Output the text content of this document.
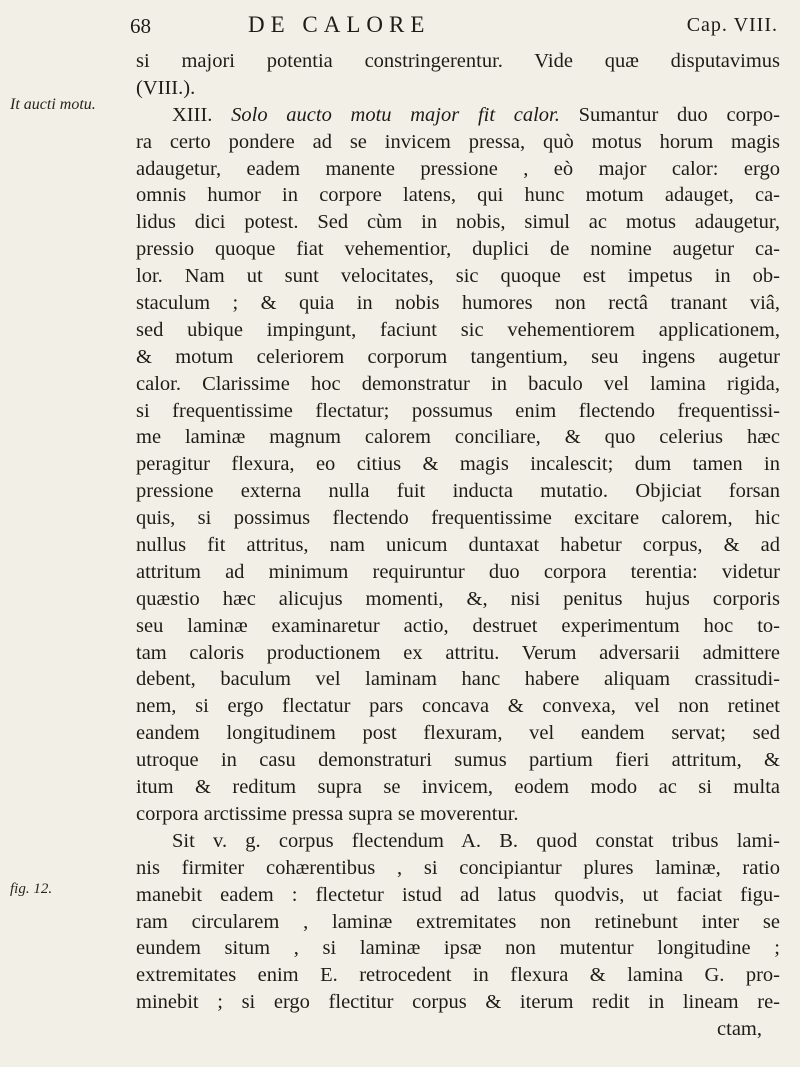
68	DE CALORE	Cap. VIII.
It aucti motu.
fig. 12.
si majori potentia constringerentur. Vide quæ disputavimus
(VIII.).
XIII. Solo aucto motu major fit calor. Sumantur duo corpo-
ra certo pondere ad se invicem pressa, quò motus horum magis
adaugetur, eadem manente pressione , eò major calor: ergo
omnis humor in corpore latens, qui hunc motum adauget, ca-
lidus dici potest. Sed cùm in nobis, simul ac motus adaugetur,
pressio quoque fiat vehementior, duplici de nomine augetur ca-
lor. Nam ut sunt velocitates, sic quoque est impetus in ob-
staculum ; & quia in nobis humores non rectâ tranant viâ,
sed ubique impingunt, faciunt sic vehementiorem applicationem,
& motum celeriorem corporum tangentium, seu ingens augetur
calor. Clarissime hoc demonstratur in baculo vel lamina rigida,
si frequentissime flectatur; possumus enim flectendo frequentissi-
me laminæ magnum calorem conciliare, & quo celerius hæc
peragitur flexura, eo citius & magis incalescit; dum tamen in
pressione externa nulla fuit inducta mutatio. Objiciat forsan
quis, si possimus flectendo frequentissime excitare calorem, hic
nullus fit attritus, nam unicum duntaxat habetur corpus, & ad
attritum ad minimum requiruntur duo corpora terentia: videtur
quæstio hæc alicujus momenti, &, nisi penitus hujus corporis
seu laminæ examinaretur actio, destruet experimentum hoc to-
tam caloris productionem ex attritu. Verum adversarii admittere
debent, baculum vel laminam hanc habere aliquam crassitudi-
nem, si ergo flectatur pars concava & convexa, vel non retinet
eandem longitudinem post flexuram, vel eandem servat; sed
utroque in casu demonstraturi sumus partium fieri attritum, &
itum & reditum supra se invicem, eodem modo ac si multa
corpora arctissime pressa supra se moverentur.
Sit v. g. corpus flectendum A. B. quod constat tribus lami-
nis firmiter cohærentibus , si concipiantur plures laminæ, ratio
manebit eadem : flectetur istud ad latus quodvis, ut faciat figu-
ram circularem , laminæ extremitates non retinebunt inter se
eundem situm , si laminæ ipsæ non mutentur longitudine ;
extremitates enim E. retrocedent in flexura & lamina G. pro-
minebit ; si ergo flectitur corpus & iterum redit in lineam re-
ctam,
